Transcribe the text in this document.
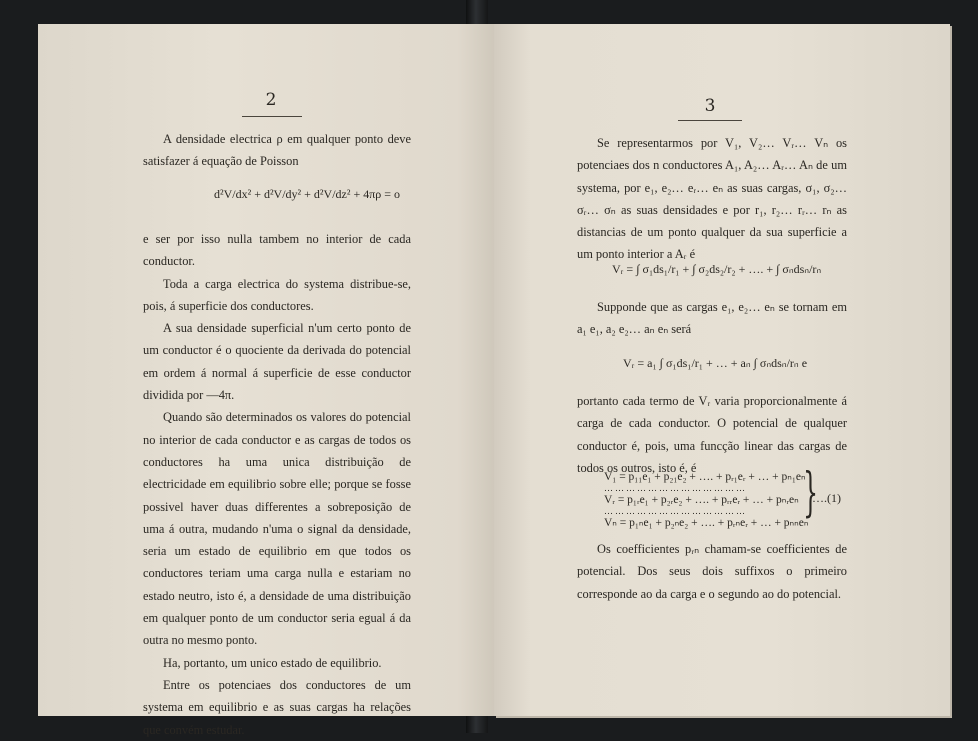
2

A densidade electrica ρ em qualquer ponto deve satisfazer á equação de Poisson

d²V/dx² + d²V/dy² + d²V/dz² + 4πρ = o

e ser por isso nulla tambem no interior de cada conductor.

Toda a carga electrica do systema distribue-se, pois, á superficie dos conductores.

A sua densidade superficial n'um certo ponto de um conductor é o quociente da derivada do potencial em ordem á normal á superficie de esse conductor dividida por —4π.

Quando são determinados os valores do potencial no interior de cada conductor e as cargas de todos os conductores ha uma unica distribuição de electricidade em equilibrio sobre elle; porque se fosse possivel haver duas differentes a sobreposição de uma á outra, mudando n'uma o signal da densidade, seria um estado de equilibrio em que todos os conductores teriam uma carga nulla e estariam no estado neutro, isto é, a densidade de uma distribuição em qualquer ponto de um conductor seria egual á da outra no mesmo ponto.

Ha, portanto, um unico estado de equilibrio.

Entre os potenciaes dos conductores de um systema em equilibrio e as suas cargas ha relações que convém estudar.

3

Se representarmos por V₁, V₂… Vᵣ… Vₙ os potenciaes dos n conductores A₁, A₂… Aᵣ… Aₙ de um systema, por e₁, e₂… eᵣ… eₙ as suas cargas, σ₁, σ₂… σᵣ… σₙ as suas densidades e por r₁, r₂… rᵣ… rₙ as distancias de um ponto qualquer da sua superficie a um ponto interior a Aᵣ é

Vᵣ = ∫ σ₁ds₁/r₁ + ∫ σ₂ds₂/r₂ + …. + ∫ σₙdsₙ/rₙ

Supponde que as cargas e₁, e₂… eₙ se tornam em a₁ e₁, a₂ e₂… aₙ eₙ será

Vᵣ = a₁ ∫ σ₁ds₁/r₁ + … + aₙ ∫ σₙdsₙ/rₙ e

portanto cada termo de Vᵣ varia proporcionalmente á carga de cada conductor. O potencial de qualquer conductor é, pois, uma funcção linear das cargas de todos os outros, isto é, é

V₁ = p₁₁e₁ + p₂₁e₂ + …. + pᵣ₁eᵣ + … + pₙ₁eₙ
…………………………………
Vᵣ = p₁ᵣe₁ + p₂ᵣe₂ + …. + pᵣᵣeᵣ + … + pₙᵣeₙ
…………………………………
Vₙ = p₁ₙe₁ + p₂ₙe₂ + …. + pᵣₙeᵣ + … + pₙₙeₙ
}
….(1)

Os coefficientes pᵣₙ chamam-se coefficientes de potencial. Dos seus dois suffixos o primeiro corresponde ao da carga e o segundo ao do potencial.
